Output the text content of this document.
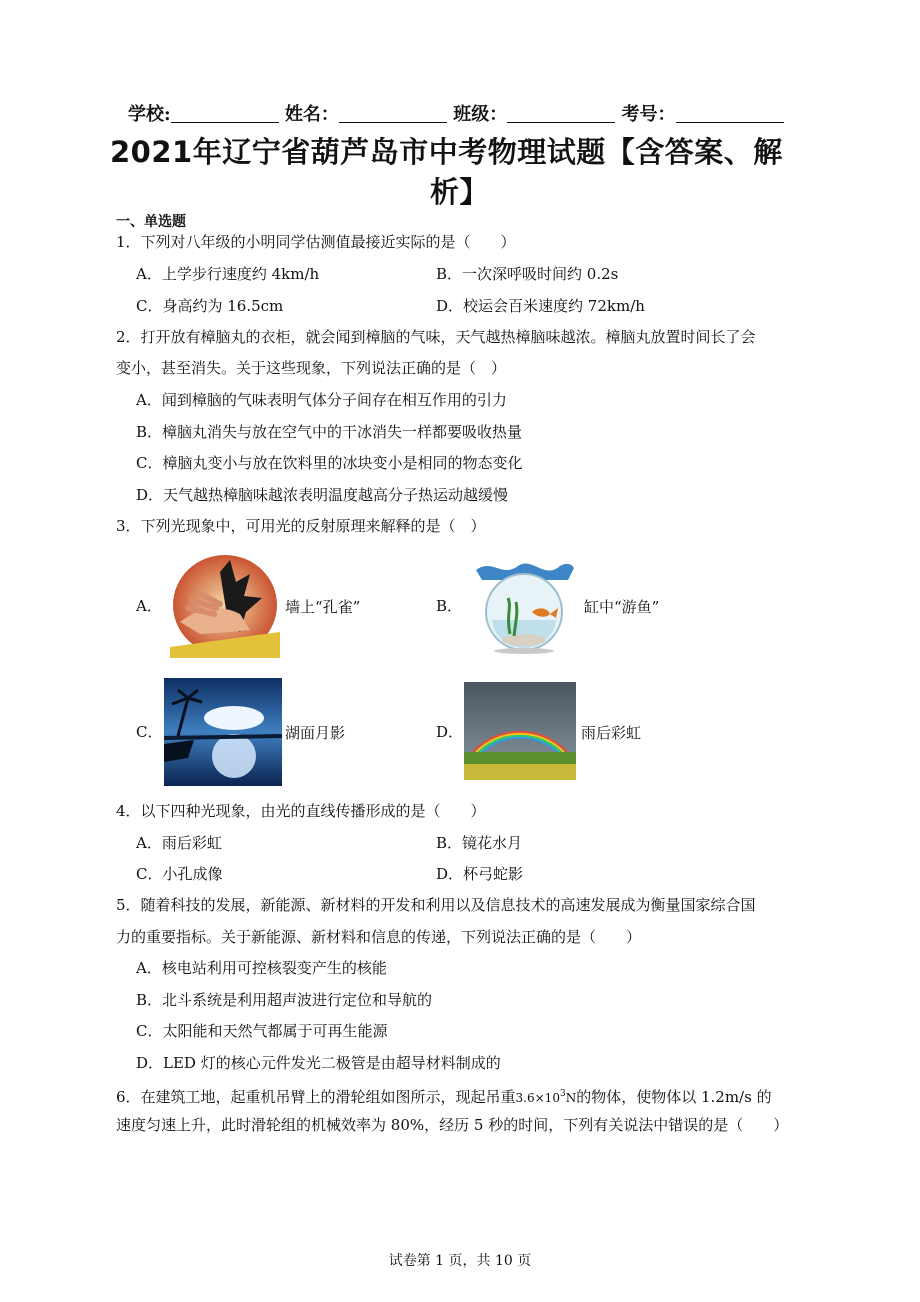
学校:	姓名：	班级：	考号：
2021年辽宁省葫芦岛市中考物理试题【含答案、解
析】
一、单选题
1．下列对八年级的小明同学估测值最接近实际的是（　　）
A．上学步行速度约 4km/h	B．一次深呼吸时间约 0.2s
C．身高约为 16.5cm	D．校运会百米速度约 72km/h
2．打开放有樟脑丸的衣柜，就会闻到樟脑的气味，天气越热樟脑味越浓。樟脑丸放置时间长了会
变小，甚至消失。关于这些现象，下列说法正确的是（　）
A．闻到樟脑的气味表明气体分子间存在相互作用的引力
B．樟脑丸消失与放在空气中的干冰消失一样都要吸收热量
C．樟脑丸变小与放在饮料里的冰块变小是相同的物态变化
D．天气越热樟脑味越浓表明温度越高分子热运动越缓慢
3．下列光现象中，可用光的反射原理来解释的是（　）
A．	墙上“孔雀”	B．	缸中“游鱼”
C．	湖面月影	D．	雨后彩虹
4．以下四种光现象，由光的直线传播形成的是（　　）
A．雨后彩虹	B．镜花水月
C．小孔成像	D．杯弓蛇影
5．随着科技的发展，新能源、新材料的开发和利用以及信息技术的高速发展成为衡量国家综合国
力的重要指标。关于新能源、新材料和信息的传递，下列说法正确的是（　　）
A．核电站利用可控核裂变产生的核能
B．北斗系统是利用超声波进行定位和导航的
C．太阳能和天然气都属于可再生能源
D．LED 灯的核心元件发光二极管是由超导材料制成的
6．在建筑工地，起重机吊臂上的滑轮组如图所示，现起吊重$3.6\times 10^3N$的物体，使物体以 1.2m/s 的
速度匀速上升，此时滑轮组的机械效率为 80%，经历 5 秒的时间，下列有关说法中错误的是（　　）
试卷第 1 页，共 10 页
